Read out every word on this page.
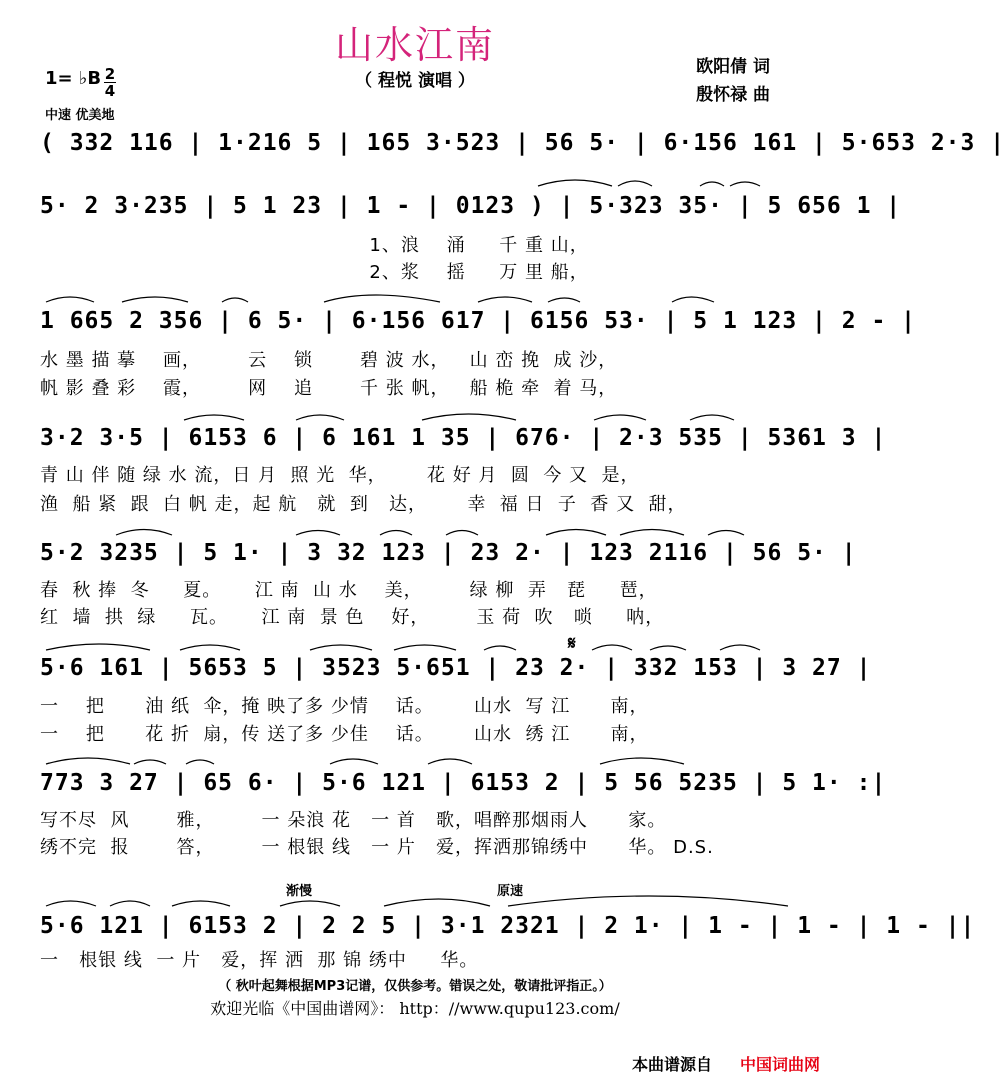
山水江南
（ 程悦 演唱 ）
欧阳倩 词
殷怀禄 曲
1= ♭B 2
4
中速 优美地
( 332 116 | 1·216 5 | 165 3·523 | 56 5· | 6·156 161 | 5·653 2·3 |
5· 2 3·235 | 5 1 23 | 1 - | 0123 ) | 5·323 35· | 5 656 1 |
1、浪    涌     千 重 山，
2、浆    摇     万 里 船，
1 665 2 356 | 6 5· | 6·156 617 | 6156 53· | 5 1 123 | 2 - |
水 墨 描 摹    画，       云    锁       碧 波 水，   山 峦 挽  成 沙，
帆 影 叠 彩    霞，       网    追       千 张 帆，   船 桅 牵  着 马，
3·2 3·5 | 6153 6 | 6 161 1 35 | 676· | 2·3 535 | 5361 3 |
青 山 伴 随 绿 水 流，日 月  照 光  华，      花 好 月  圆  今 又  是，
渔  船 紧  跟  白 帆 走，起 航   就  到   达，      幸  福 日  子  香 又  甜，
5·2 3235 | 5 1· | 3 32 123 | 23 2· | 123 2116 | 56 5· |
春  秋 捧  冬     夏。     江 南  山 水    美，       绿 柳  弄   琵     琶，
红  墙  拱  绿     瓦。     江 南  景 色    好，       玉 荷  吹   唢     呐，
𝄋
5·6 161 | 5653 5 | 3523 5·651 | 23 2· | 332 153 | 3 27 |
一    把      油 纸  伞，掩 映了多 少情    话。      山水  写 江      南，
一    把      花 折  扇，传 送了多 少佳    话。      山水  绣 江      南，
773 3 27 | 65 6· | 5·6 121 | 6153 2 | 5 56 5235 | 5 1· :|
写不尽  风       雅，       一 朵浪 花   一 首   歌，唱醉那烟雨人      家。
绣不完  报       答，       一 根银 线   一 片   爱，挥洒那锦绣中      华。 D.S.
渐慢	原速
5·6 121 | 6153 2 | 2 2 5 | 3·1 2321 | 2 1· | 1 - | 1 - | 1 - ||
一   根银 线  一 片   爱，挥 洒  那 锦 绣中     华。
（ 秋叶起舞根据MP3记谱，仅供参考。错误之处，敬请批评指正。）
欢迎光临《中国曲谱网》： http：//www.qupu123.com/
本曲谱源自 中国词曲网
